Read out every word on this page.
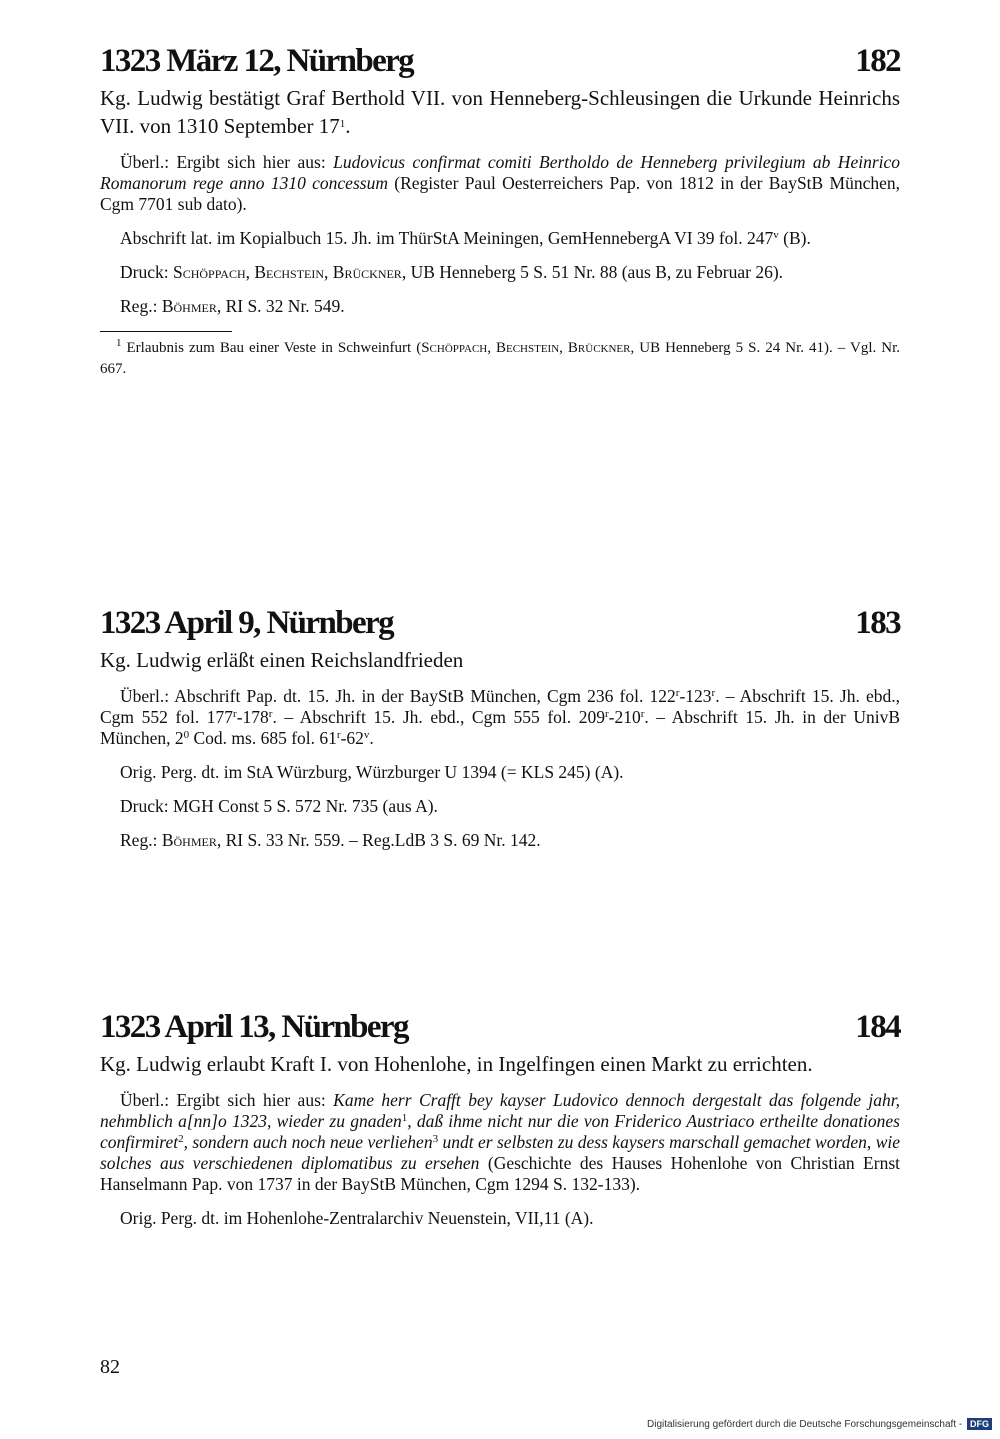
1323 März 12, Nürnberg	182

Kg. Ludwig bestätigt Graf Berthold VII. von Henneberg-Schleusingen die Urkunde Heinrichs VII. von 1310 September $17^1$.

Überl.: Ergibt sich hier aus: Ludovicus confirmat comiti Bertholdo de Henneberg privilegium ab Heinrico Romanorum rege anno 1310 concessum (Register Paul Oesterreichers Pap. von 1812 in der BayStB München, Cgm 7701 sub dato).

Abschrift lat. im Kopialbuch 15. Jh. im ThürStA Meiningen, GemHennebergA VI 39 fol. 247$^v$ (B).

Druck: Schöppach, Bechstein, Brückner, UB Henneberg 5 S. 51 Nr. 88 (aus B, zu Februar 26).

Reg.: Böhmer, RI S. 32 Nr. 549.

$^1$ Erlaubnis zum Bau einer Veste in Schweinfurt (Schöppach, Bechstein, Brückner, UB Henneberg 5 S. 24 Nr. 41). – Vgl. Nr. 667.

1323 April 9, Nürnberg	183

Kg. Ludwig erläßt einen Reichslandfrieden

Überl.: Abschrift Pap. dt. 15. Jh. in der BayStB München, Cgm 236 fol. 122$^r$-123$^r$. – Abschrift 15. Jh. ebd., Cgm 552 fol. 177$^r$-178$^r$. – Abschrift 15. Jh. ebd., Cgm 555 fol. 209$^r$-210$^r$. – Abschrift 15. Jh. in der UnivB München, $2^0$ Cod. ms. 685 fol. 61$^r$-62$^v$.

Orig. Perg. dt. im StA Würzburg, Würzburger U 1394 (= KLS 245) (A).

Druck: MGH Const 5 S. 572 Nr. 735 (aus A).

Reg.: Böhmer, RI S. 33 Nr. 559. – Reg.LdB 3 S. 69 Nr. 142.

1323 April 13, Nürnberg	184

Kg. Ludwig erlaubt Kraft I. von Hohenlohe, in Ingelfingen einen Markt zu errichten.

Überl.: Ergibt sich hier aus: Kame herr Crafft bey kayser Ludovico dennoch dergestalt das folgende jahr, nehmblich a[nn]o 1323, wieder zu gnaden$^1$, daß ihme nicht nur die von Friderico Austriaco ertheilte donationes confirmiret$^2$, sondern auch noch neue verliehen$^3$ undt er selbsten zu dess kaysers marschall gemachet worden, wie solches aus verschiedenen diplomatibus zu ersehen (Geschichte des Hauses Hohenlohe von Christian Ernst Hanselmann Pap. von 1737 in der BayStB München, Cgm 1294 S. 132-133).

Orig. Perg. dt. im Hohenlohe-Zentralarchiv Neuenstein, VII,11 (A).

82
Digitalisierung gefördert durch die Deutsche Forschungsgemeinschaft - DFG
